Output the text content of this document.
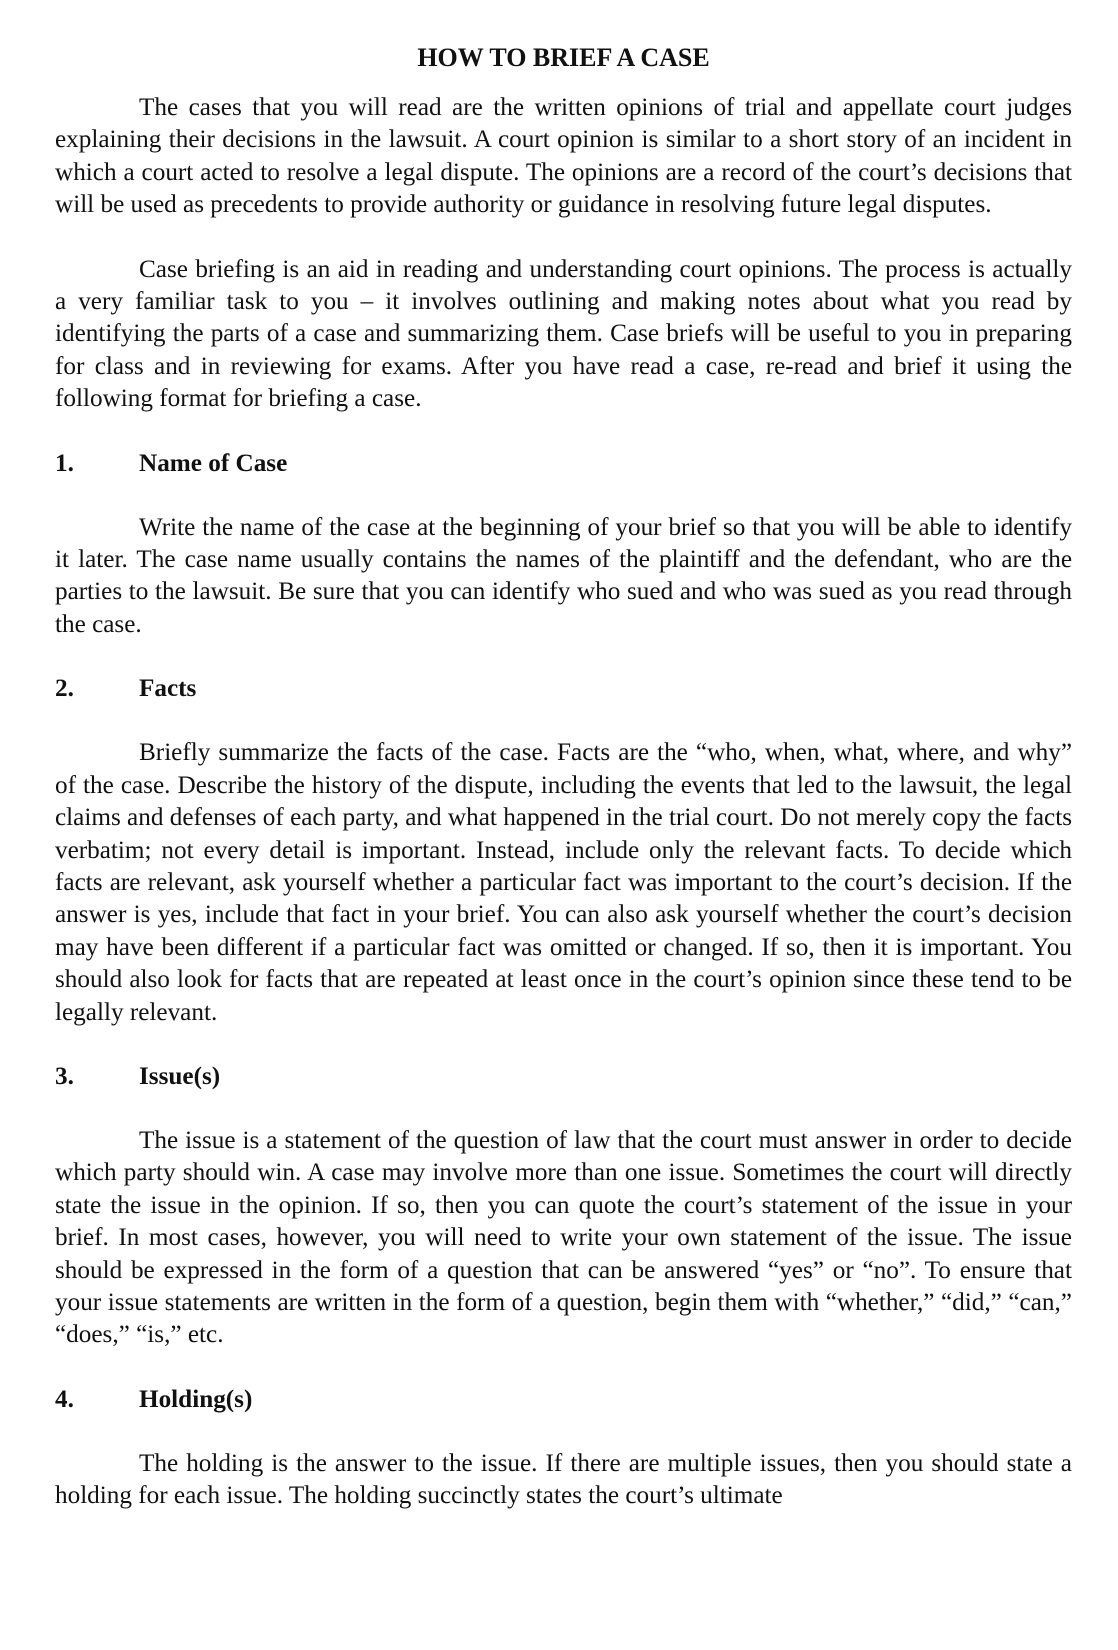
HOW TO BRIEF A CASE

The cases that you will read are the written opinions of trial and appellate court judges explaining their decisions in the lawsuit. A court opinion is similar to a short story of an incident in which a court acted to resolve a legal dispute. The opinions are a record of the court’s decisions that will be used as precedents to provide authority or guidance in resolving future legal disputes.

Case briefing is an aid in reading and understanding court opinions. The process is actually a very familiar task to you – it involves outlining and making notes about what you read by identifying the parts of a case and summarizing them. Case briefs will be useful to you in preparing for class and in reviewing for exams. After you have read a case, re-read and brief it using the following format for briefing a case.

1.	Name of Case

Write the name of the case at the beginning of your brief so that you will be able to identify it later. The case name usually contains the names of the plaintiff and the defendant, who are the parties to the lawsuit. Be sure that you can identify who sued and who was sued as you read through the case.

2.	Facts

Briefly summarize the facts of the case. Facts are the “who, when, what, where, and why” of the case. Describe the history of the dispute, including the events that led to the lawsuit, the legal claims and defenses of each party, and what happened in the trial court. Do not merely copy the facts verbatim; not every detail is important. Instead, include only the relevant facts. To decide which facts are relevant, ask yourself whether a particular fact was important to the court’s decision. If the answer is yes, include that fact in your brief. You can also ask yourself whether the court’s decision may have been different if a particular fact was omitted or changed. If so, then it is important. You should also look for facts that are repeated at least once in the court’s opinion since these tend to be legally relevant.

3.	Issue(s)

The issue is a statement of the question of law that the court must answer in order to decide which party should win. A case may involve more than one issue. Sometimes the court will directly state the issue in the opinion. If so, then you can quote the court’s statement of the issue in your brief. In most cases, however, you will need to write your own statement of the issue. The issue should be expressed in the form of a question that can be answered “yes” or “no”. To ensure that your issue statements are written in the form of a question, begin them with “whether,” “did,” “can,” “does,” “is,” etc.

4.	Holding(s)

The holding is the answer to the issue. If there are multiple issues, then you should state a holding for each issue. The holding succinctly states the court’s ultimate
